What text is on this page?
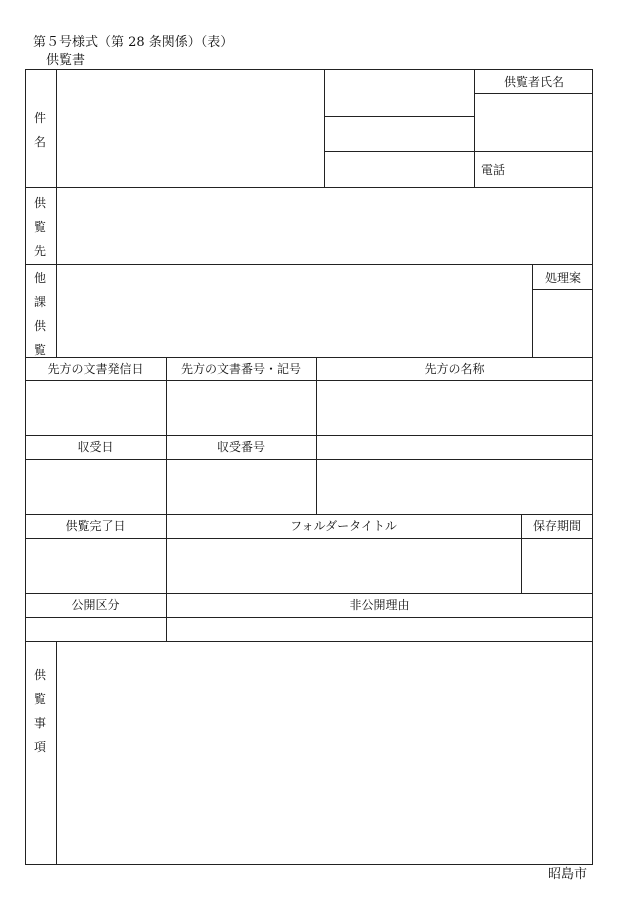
第５号様式（第 28 条関係）（表）
供覧書
件
名
供覧者氏名
電話
供
覧
先
他
課
供
覧
処理案
先方の文書発信日	先方の文書番号・記号	先方の名称
収受日	収受番号
供覧完了日	フォルダータイトル	保存期間
公開区分	非公開理由
供
覧
事
項
昭島市
